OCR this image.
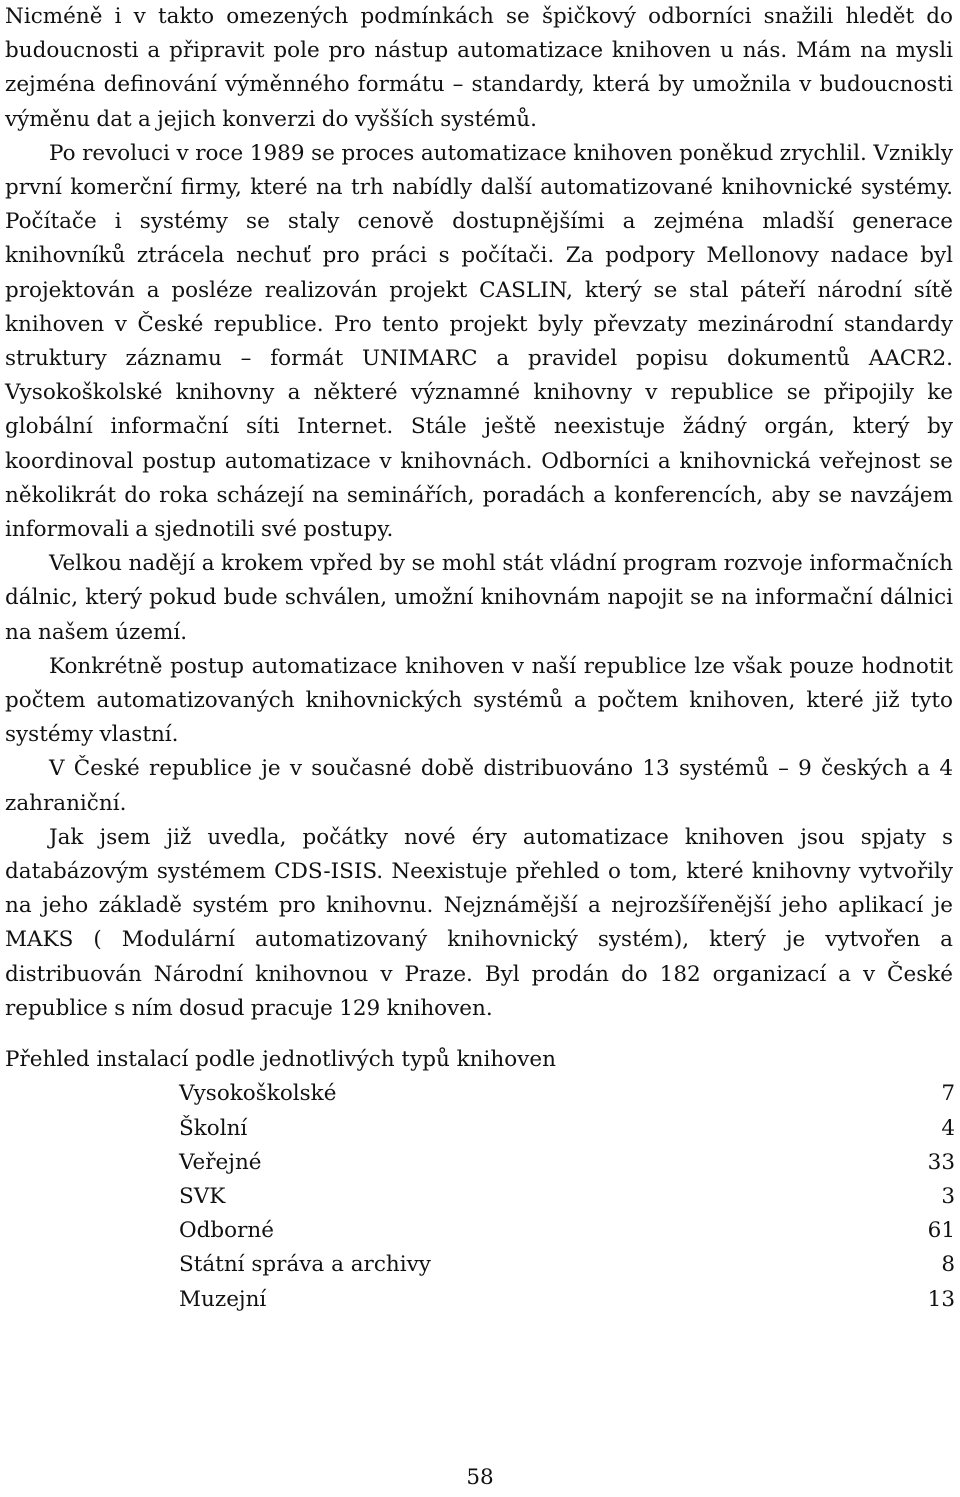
Nicméně i v takto omezených podmínkách se špičkový odborníci snažili hledět do budoucnosti a připravit pole pro nástup automatizace knihoven u nás. Mám na mysli zejména definování výměnného formátu – standardy, která by umožnila v budoucnosti výměnu dat a jejich konverzi do vyšších systémů.

Po revoluci v roce 1989 se proces automatizace knihoven poněkud zrychlil. Vznikly první komerční firmy, které na trh nabídly další automatizované knihovnické systémy. Počítače i systémy se staly cenově dostupnějšími a zejména mladší generace knihovníků ztrácela nechuť pro práci s počítači. Za podpory Mellonovy nadace byl projektován a posléze realizován projekt CASLIN, který se stal páteří národní sítě knihoven v České republice. Pro tento projekt byly převzaty mezinárodní standardy struktury záznamu – formát UNIMARC a pravidel popisu dokumentů AACR2. Vysokoškolské knihovny a některé významné knihovny v republice se připojily ke globální informační síti Internet. Stále ještě neexistuje žádný orgán, který by koordinoval postup automatizace v knihovnách. Odborníci a knihovnická veřejnost se několikrát do roka scházejí na seminářích, poradách a konferencích, aby se navzájem informovali a sjednotili své postupy.

Velkou nadějí a krokem vpřed by se mohl stát vládní program rozvoje informačních dálnic, který pokud bude schválen, umožní knihovnám napojit se na informační dálnici na našem území.

Konkrétně postup automatizace knihoven v naší republice lze však pouze hodnotit počtem automatizovaných knihovnických systémů a počtem knihoven, které již tyto systémy vlastní.

V České republice je v současné době distribuováno 13 systémů – 9 českých a 4 zahraniční.

Jak jsem již uvedla, počátky nové éry automatizace knihoven jsou spjaty s databázovým systémem CDS-ISIS. Neexistuje přehled o tom, které knihovny vytvořily na jeho základě systém pro knihovnu. Nejznámější a nejrozšířenější jeho aplikací je MAKS ( Modulární automatizovaný knihovnický systém), který je vytvořen a distribuován Národní knihovnou v Praze. Byl prodán do 182 organizací a v České republice s ním dosud pracuje 129 knihoven.

Přehled instalací podle jednotlivých typů knihoven

Vysokoškolské	7
Školní	4
Veřejné	33
SVK	3
Odborné	61
Státní správa a archivy	8
Muzejní	13
58
